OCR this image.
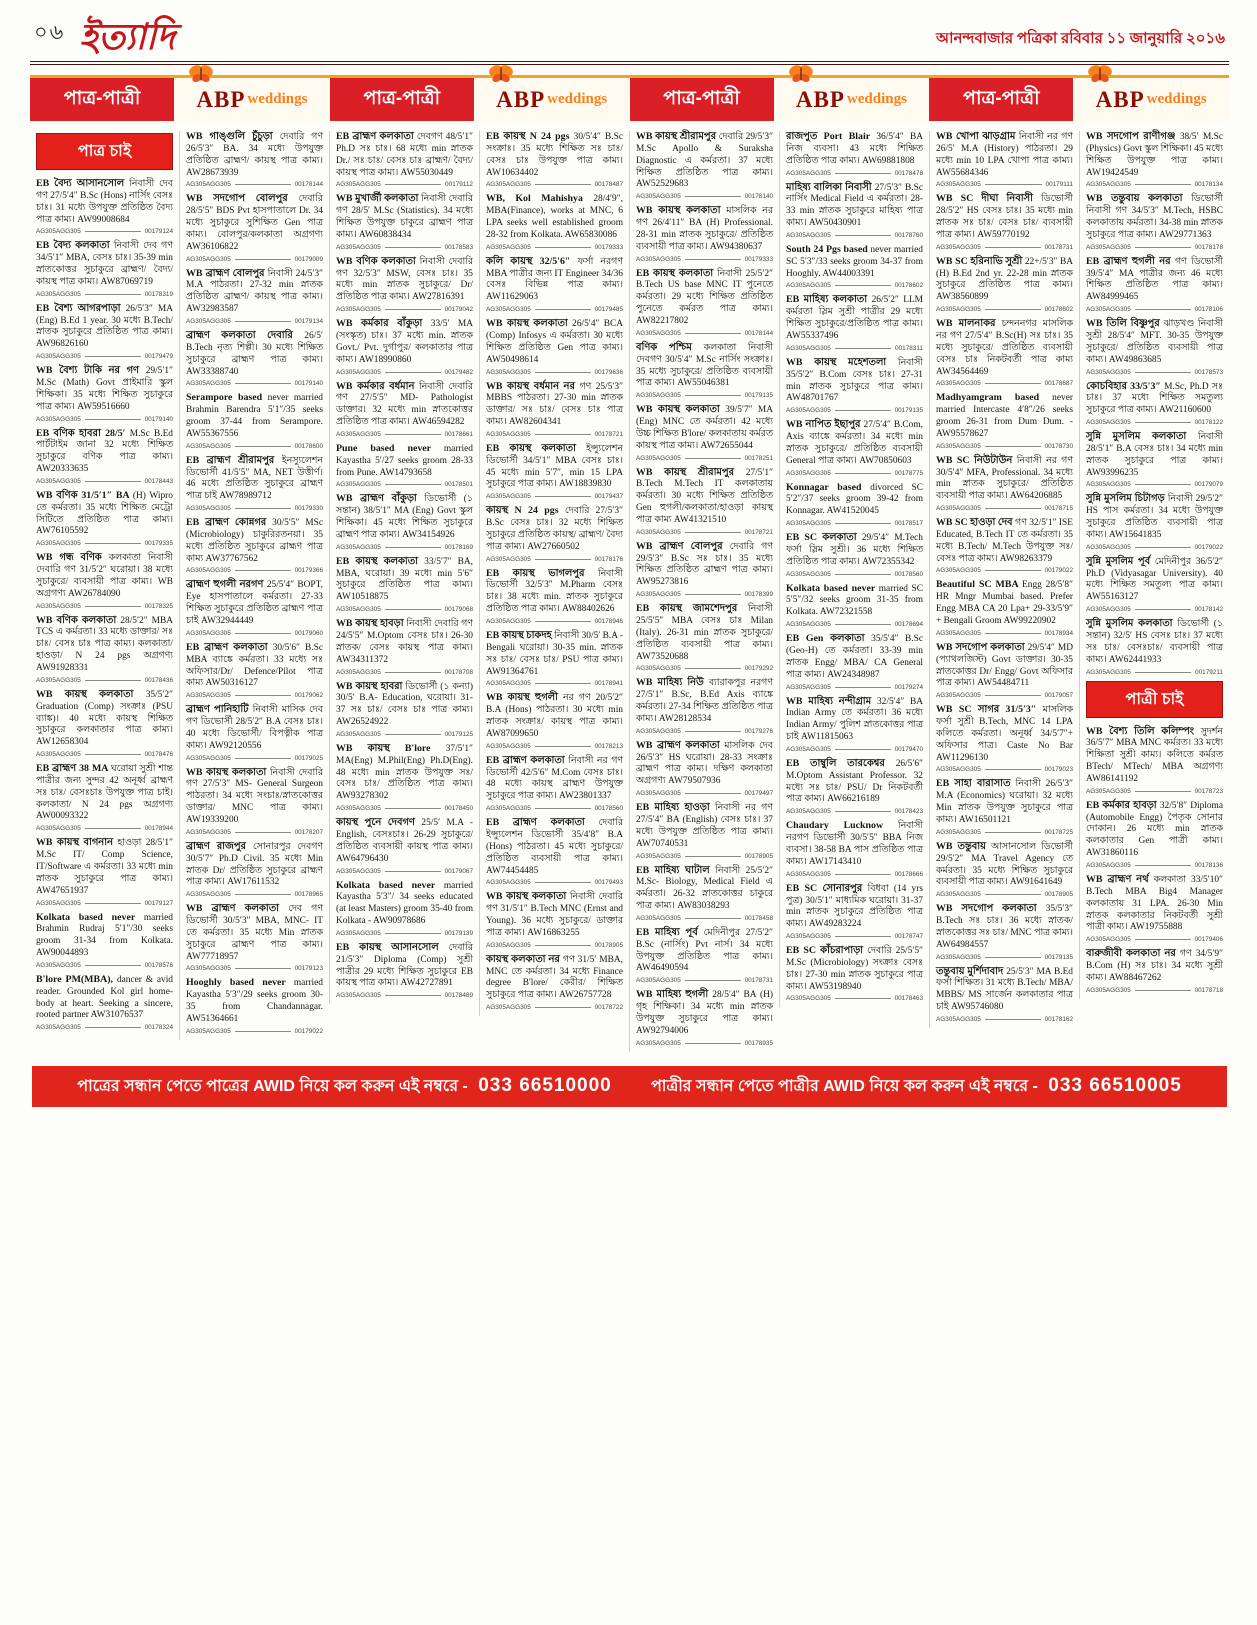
০৬ ইত্যাদি	আনন্দবাজার পত্রিকা রবিবার ১১ জানুয়ারি ২০১৬
পাত্র-পাত্রী	ABP weddings	পাত্র-পাত্রী	ABP weddings	পাত্র-পাত্রী	ABP weddings	পাত্র-পাত্রী	ABP weddings
পাত্র চাই

EB বৈদ্য আসানসোল নিবাসী দেব গণ 27/5′4″ B.Sc (Hons) নার্সিং বেসঃ চাঃ। 31 মধ্যে উপযুক্ত প্রতিষ্ঠিত বৈদ্য পাত্র কাম্য। AW99008684

AG305AGG305	00179124

EB বৈদ্য কলকাতা নিবাসী দেব গণ 34/5′1″ MBA, বেসঃ চাঃ। 35-39 min স্নাতকোত্তর সুচাকুরে ব্রাহ্মণ/ বৈদ্য/ কায়স্থ পাত্র কাম্য। AW87069719

AG305AGG305	00178319

EB বৈশ্য আগরপাড়া 26/5′3″ MA (Eng) B.Ed 1 year. 30 মধ্যে B.Tech/ স্নাতক সুচাকুরে প্রতিষ্ঠিত পাত্র কাম্য। AW96826160

AG305AGG305	00179479

WB বৈশ্য টাকি নর গণ 29/5′1″ M.Sc (Math) Govt প্রাইমারি স্কুল শিক্ষিকা। 35 মধ্যে শিক্ষিত সুচাকুরে পাত্র কাম্য। AW59516660

AG305AGG305	00179140

EB বণিক হাবরা 28/5′ M.Sc B.Ed পার্টটাইম জানা 32 মধ্যে শিক্ষিত সুচাকুরে বণিক পাত্র কাম্য। AW20333635

AG305AGG305	00178443

WB বণিক 31/5′1″ BA (H) Wipro তে কর্মরতা। 35 মধ্যে শিক্ষিত মেট্রো সিটিতে প্রতিষ্ঠিত পাত্র কাম্য। AW76105592

AG305AGG305	00179335

WB গন্ধ বণিক কলকাতা নিবাসী দেবারি গণ 31/5′2″ ঘরোয়া। 38 মধ্যে সুচাকুরে/ ব্যবসায়ী পাত্র কাম্য। WB অগ্রগণ্য AW26784090

AG305AGG305	00178325

WB বণিক কলকাতা 28/5′2″ MBA TCS এ কর্মরতা। 33 মধ্যে ডাক্তার/ সঃ চাঃ/ বেসঃ চাঃ পাত্র কাম্য। কলকাতা/ হাওড়া/ N 24 pgs অগ্রগণ্য AW91928331

AG305AGG305	00178436

WB কায়স্থ কলকাতা 35/5′2″ Graduation (Comp) সংক্রাঃ (PSU ব্যাঙ্ক)। 40 মধ্যে কায়স্থ শিক্ষিত সুচাকুরে কলকাতার পাত্র কাম্য। AW12658304

AG305AGG305	00178476

EB ব্রাহ্মণ 38 MA ঘরোয়া সুশ্রী শান্ত পাত্রীর জন্য সুন্দর 42 অনূর্ধ্ব ব্রাহ্মণ সঃ চাঃ/ বেসঃচাঃ উপযুক্ত পাত্র চাই। কলকাতা/ N 24 pgs অগ্রগণ্য AW00093322

AG305AGG305	00178944

WB কায়স্থ বাগনান হাওড়া 28/5′1″ M.Sc IT/ Comp Science, IT/Software এ কর্মরতা। 33 মধ্যে min স্নাতক সুচাকুরে পাত্র কাম্য। AW47651937

AG305AGG305	00179127

Kolkata based never married Brahmin Rudraj 5′1″/30 seeks groom 31-34 from Kolkata. AW90044893

AG305AGG305	00178576

B'lore PM(MBA), dancer & avid reader. Grounded Kol girl home-body at heart. Seeking a sincere, rooted partner AW31076537

AG305AGG305	00178324

WB গাঙ্গুলি চুঁচুড়া দেবারি গণ 26/5′3″ BA. 34 মধ্যে উপযুক্ত প্রতিষ্ঠিত ব্রাহ্মণ/ কায়স্থ পাত্র কাম্য। AW28673939

AG305AGG305	00178144

WB সদগোপ বোলপুর দেবারি 28/5′5″ BDS Pvt হাসপাতালে Dr. 34 মধ্যে সুচাকুরে সুশিক্ষিত Gen পাত্র কাম্য। বোলপুর/কলকাতা অগ্রগণ্য AW36106822

AG305AGG305	00179009

WB ব্রাহ্মণ বোলপুর নিবাসী 24/5′3″ M.A পাঠরতা। 27-32 min স্নাতক প্রতিষ্ঠিত ব্রাহ্মণ/ কায়স্থ পাত্র কাম্য। AW32983587

AG305AGG305	00179134

ব্রাহ্মণ কলকাতা দেবারি 26/5′ B.Tech নৃত্য শিল্পী। 30 মধ্যে শিক্ষিত সুচাকুরে ব্রাহ্মণ পাত্র কাম্য। AW33388740

AG305AGG305	00179140

Serampore based never married Brahmin Barendra 5′1″/35 seeks groom 37-44 from Serampore. AW55367556

AG305AGG305	00178600

EB ব্রাহ্মণ শ্রীরামপুর ইনস্যুলেশন ডিভোর্সী 41/5′5″ MA, NET উত্তীর্ণ। 46 মধ্যে প্রতিষ্ঠিত সুচাকুরে ব্রাহ্মণ পাত্র চাই AW78989712

AG305AGG305	00179330

EB ব্রাহ্মণ কোন্নগর 30/5′5″ MSc (Microbiology) চাকুরিরতনয়া। 35 মধ্যে প্রতিষ্ঠিত সুচাকুরে ব্রাহ্মণ পাত্র কাম্য AW37767562

AG305AGG305	00179366

ব্রাহ্মণ হুগলী নরগণ 25/5′4″ BOPT, Eye হাসপাতালে কর্মরতা। 27-33 শিক্ষিত সুচাকুরে প্রতিষ্ঠিত ব্রাহ্মণ পাত্র চাই AW32944449

AG305AGG305	00179060

EB ব্রাহ্মণ কলকাতা 30/5′6″ B.Sc MBA ব্যাঙ্কে কর্মরতা। 33 মধ্যে সঃ অফিসার/Dr/ Defence/Pilot পাত্র কাম্য AW50316127

AG305AGG305	00179062

ব্রাহ্মণ পানিহাটি নিবাসী মাসিক দেব গণ ডিভোর্সী 28/5′2″ B.A বেসঃ চাঃ। 40 মধ্যে ডিভোর্সী/ বিপত্নীক পাত্র কাম্য। AW92120556

AG305AGG305	00179025

WB কায়স্থ কলকাতা নিবাসী দেবারি গণ 27/5′3″ MS- General Surgeon পাঠরতা। 34 মধ্যে সংচাঃ/স্নাতকোত্তর ডাক্তার/ MNC পাত্র কাম্য। AW19339200

AG305AGG305	00178207

ব্রাহ্মণ রাজপুর সোনারপুর দেবগণ 30/5′7″ Ph.D Civil. 35 মধ্যে Min স্নাতক Dr/ প্রতিষ্ঠিত সুচাকুরে ব্রাহ্মণ পাত্র কাম্য। AW17611532

AG305AGG305	00178965

WB ব্রাহ্মণ কলকাতা দেব গণ ডিভোর্সী 30/5′3″ MBA, MNC- IT তে কর্মরতা। 35 মধ্যে Min স্নাতক সুচাকুরে ব্রাহ্মণ পাত্র কাম্য। AW77718957

AG305AGG305	00179123

Hooghly based never married Kayastha 5′3″/29 seeks groom 30-35 from Chandannagar. AW51364661

AG305AGG305	00179022

EB ব্রাহ্মণ কলকাতা দেবগণ 48/5′1″ Ph.D সঃ চাঃ। 68 মধ্যে min স্নাতক Dr./ সঃ চাঃ/ বেসঃ চাঃ ব্রাহ্মণ/ বৈদ্য/ কায়স্থ পাত্র কাম্য। AW55030449

AG305AGG305	00179112

WB মুখার্জী কলকাতা নিবাসী দেবারি গণ 28/5′ M.Sc (Statistics). 34 মধ্যে শিক্ষিত উপযুক্ত চাকুরে ব্রাহ্মণ পাত্র কাম্য। AW60838434

AG305AGG305	00178583

WB বণিক কলকাতা নিবাসী দেবারি গণ 32/5′3″ MSW, বেসঃ চাঃ। 35 মধ্যে min স্নাতক সুচাকুরে/ Dr/ প্রতিষ্ঠিত পাত্র কাম্য। AW27816391

AG305AGG305	00179042

WB কর্মকার বাঁকুড়া 33/5′ MA (সংস্কৃত) চাঃ। 37 মধ্যে min. স্নাতক Govt./ Pvt. দুর্গাপুর/ কলকাতার পাত্র কাম্য। AW18990860

AG305AGG305	00179482

WB কর্মকার বর্ধমান নিবাসী দেবারি গণ 27/5′5″ MD- Pathologist ডাক্তার। 32 মধ্যে min স্নাতকোত্তর প্রতিষ্ঠিত পাত্র কাম্য। AW46594282

AG305AGG305	00178661

Pune based never married Kayastha 5′/27 seeks groom 28-33 from Pune. AW14793658

AG305AGG305	00178501

WB ব্রাহ্মণ বাঁকুড়া ডিভোর্সী (১ সন্তান) 38/5′1″ MA (Eng) Govt স্কুল শিক্ষিকা। 45 মধ্যে শিক্ষিত সুচাকুরে ব্রাহ্মণ পাত্র কাম্য। AW34154926

AG305AGG305	00178169

EB কায়স্থ কলকাতা 33/5′7″ BA, MBA, ঘরোয়া। 39 মধ্যে min 5′6″ সুচাকুরে প্রতিষ্ঠিত পাত্র কাম্য। AW10518875

AG305AGG305	00179068

WB কায়স্থ হাবড়া নিবাসী দেবারি গণ 24/5′5″ M.Optom বেসঃ চাঃ। 26-30 স্নাতক/ বেসঃ কায়স্থ পাত্র কাম্য। AW34311372

AG305AGG305	00178708

WB কায়স্থ হাবরা ডিভোর্সী (১ কন্যা) 30/5′ B.A- Education, ঘরোয়া। 31-37 সঃ চাঃ/ বেসঃ চাঃ পাত্র কাম্য। AW26524922

AG305AGG305	00179125

WB কায়স্থ B'lore 37/5′1″ MA(Eng) M.Phil(Eng) Ph.D(Eng). 48 মধ্যে min স্নাতক উপযুক্ত সঃ/ বেসঃ চাঃ/ প্রতিষ্ঠিত পাত্র কাম্য। AW93278302

AG305AGG305	00178450

কায়স্থ পুনে দেবগণ 25/5′ M.A - English, বেসঃচাঃ। 26-29 সুচাকুরে/ প্রতিষ্ঠিত ব্যবসায়ী কায়স্থ পাত্র কাম্য। AW64796430

AG305AGG305	00179067

Kolkata based never married Kayastha 5′3″/ 34 seeks educated (at least Masters) groom 35-40 from Kolkata - AW90978686

AG305AGG305	00179139

EB কায়স্থ আসানসোল দেবারি 21/5′3″ Diploma (Comp) সুশ্রী পাত্রীর 29 মধ্যে শিক্ষিত সুচাকুরে EB কায়স্থ পাত্র কাম্য। AW42727891

AG305AGG305	00178489

EB কায়স্থ N 24 pgs 30/5′4″ B.Sc সংক্রাঃ। 35 মধ্যে শিক্ষিত সঃ চাঃ/ বেসঃ চাঃ উপযুক্ত পাত্র কাম্য। AW10634402

AG305AGG305	00178487

WB, Kol Mahishya 28/4′9″, MBA(Finance), works at MNC, 6 LPA seeks well established groom 28-32 from Kolkata. AW65830086

AG305AGG305	00179333

কলি কায়স্থ 32/5′6″ ফর্সা নরগণ MBA পাত্রীর জন্য IT Engineer 34/36 বেসঃ বিভিন্ন পাত্র কাম্য। AW11629063

AG305AGG305	00179485

WB কায়স্থ কলকাতা 26/5′4″ BCA (Comp) Infosys এ কর্মরতা। 30 মধ্যে শিক্ষিত প্রতিষ্ঠিত Gen পাত্র কাম্য। AW50498614

AG305AGG305	00179636

WB কায়স্থ বর্ধমান নর গণ 25/5′3″ MBBS পাঠরতা। 27-30 min স্নাতক ডাক্তার/ সঃ চাঃ/ বেসঃ চাঃ পাত্র কাম্য। AW82604341

AG305AGG305	00178721

EB কায়স্থ কলকাতা ইন্স্যুলেশন ডিভোর্সী 34/5′1″ MBA বেসঃ চাঃ। 45 মধ্যে min 5′7″, min 15 LPA সুচাকুরে পাত্র কাম্য। AW18839830

AG305AGG305	00179437

কায়স্থ N 24 pgs দেবারি 27/5′3″ B.Sc বেসঃ চাঃ। 32 মধ্যে শিক্ষিত সুচাকুরে প্রতিষ্ঠিত কায়স্থ/ ব্রাহ্মণ/ বৈদ্য পাত্র কাম্য। AW27660502

AG305AGG305	00178176

EB কায়স্থ ভাগলপুর নিবাসী ডিভোর্সী 32/5′3″ M.Pharm বেসঃ চাঃ। 38 মধ্যে min. স্নাতক সুচাকুরে প্রতিষ্ঠিত পাত্র কাম্য। AW88402626

AG305AGG305	00178946

EB কায়স্থ চাকদহ নিবাসী 30/5′ B.A - Bengali ঘরোয়া। 30-35 min. স্নাতক সঃ চাঃ/ বেসঃ চাঃ/ PSU পাত্র কাম্য। AW91364761

AG305AGG305	00178941

WB কায়স্থ হুগলী নর গণ 20/5′2″ B.A (Hons) পাঠরতা। 30 মধ্যে min স্নাতক সংক্রাঃ/ কায়স্থ পাত্র কাম্য। AW87099650

AG305AGG305	00178213

EB ব্রাহ্মণ কলকাতা নিবাসী নর গণ ডিভোর্সী 42/5′6″ M.Com বেসঃ চাঃ। 48 মধ্যে কায়স্থ ব্রাহ্মণ উপযুক্ত সুচাকুরে পাত্র কাম্য। AW23801337

AG305AGG305	00178560

EB ব্রাহ্মণ কলকাতা দেবারি ইন্স্যুলেশন ডিভোর্সী 35/4′8″ B.A (Hons) পাঠরতা। 45 মধ্যে সুচাকুরে/ প্রতিষ্ঠিত ব্যবসায়ী পাত্র কাম্য। AW74454485

AG305AGG305	00179493

WB কায়স্থ কলকাতা নিবাসী দেবারি গণ 31/5′1″ B.Tech MNC (Ernst and Young). 36 মধ্যে সুচাকুরে/ ডাক্তার পাত্র কাম্য। AW16863255

AG305AGG305	00178905

কায়স্থ কলকাতা নর গণ 31/5′ MBA, MNC তে কর্মরতা। 34 মধ্যে Finance degree B'lore/ কেরীর/ শিক্ষিত সুচাকুরে পাত্র কাম্য। AW26757728

AG305AGG305	00178722

WB কায়স্থ শ্রীরামপুর দেবারি 29/5′3″ M.Sc Apollo & Suraksha Diagnostic এ কর্মরতা। 37 মধ্যে শিক্ষিত প্রতিষ্ঠিত পাত্র কাম্য। AW52529683

AG305AGG305	00178140

WB কায়স্থ কলকাতা মাসলিক নর গণ 26/4′11″ BA (H) Professional. 28-31 min স্নাতক সুচাকুরে/ প্রতিষ্ঠিত ব্যবসায়ী পাত্র কাম্য। AW94380637

AG305AGG305	00179333

EB কায়স্থ কলকাতা নিবাসী 25/5′2″ B.Tech US base MNC IT পুনেতে কর্মরতা। 29 মধ্যে শিক্ষিত প্রতিষ্ঠিত পুনেতে কর্মরত পাত্র কাম্য। AW82217802

AG305AGG305	00178144

বণিক পশ্চিম কলকাতা নিবাসী দেবগণ 30/5′4″ M.Sc নার্সিং সংক্রাঃ। 35 মধ্যে সুচাকুরে/ প্রতিষ্ঠিত ব্যবসায়ী পাত্র কাম্য। AW55046381

AG305AGG305	00179135

WB কায়স্থ কলকাতা 39/5′7″ MA (Eng) MNC তে কর্মরতা। 42 মধ্যে উচ্চ শিক্ষিত B'lore/ কলকাতায় কর্মরত কায়স্থ পাত্র কাম্য। AW72655044

AG305AGG305	00178251

WB কায়স্থ শ্রীরামপুর 27/5′1″ B.Tech M.Tech IT কলকাতায় কর্মরতা। 30 মধ্যে শিক্ষিত প্রতিষ্ঠিত Gen হুগলী/কলকাতা/হাওড়া কায়স্থ পাত্র কাম্য AW41321510

AG305AGG305	00178721

WB ব্রাহ্মণ বোলপুর দেবারি গণ 29/5′3″ B.Sc সঃ চাঃ। 35 মধ্যে শিক্ষিত প্রতিষ্ঠিত ব্রাহ্মণ পাত্র কাম্য। AW95273816

AG305AGG305	00178399

EB কায়স্থ জামশেদপুর নিবাসী 25/5′5″ MBA বেসঃ চাঃ Milan (Italy). 26-31 min স্নাতক সুচাকুরে/ প্রতিষ্ঠিত ব্যবসায়ী পাত্র কাম্য। AW73520688

AG305AGG305	00179292

WB মাহিষ্য নিউ ব্যারাকপুর নরগণ 27/5′1″ B.Sc, B.Ed Axis ব্যাঙ্কে কর্মরতা। 27-34 শিক্ষিত প্রতিষ্ঠিত পাত্র কাম্য। AW28128534

AG305AGG305	00179276

WB ব্রাহ্মণ কলকাতা মাসলিক দেব 26/5′3″ HS ঘরোয়া। 28-33 সংক্রাঃ ব্রাহ্মণ পাত্র কাম্য। দক্ষিণ কলকাতা অগ্রগণ্য AW79507936

AG305AGG305	00179497

EB মাহিষ্য হাওড়া নিবাসী নর গণ 27/5′4″ BA (English) বেসঃ চাঃ। 37 মধ্যে উপযুক্ত প্রতিষ্ঠিত পাত্র কাম্য। AW70740531

AG305AGG305	00178905

EB মাহিষ্য ঘাটাল নিবাসী 25/5′2″ M.Sc- Biology, Medical Field এ কর্মরতা। 26-32 স্নাতকোত্তর চাকুরে পাত্র কাম্য। AW83038293

AG305AGG305	00178458

EB মাহিষ্য পূর্ব মেদিনীপুর 27/5′2″ B.Sc (নার্সিং) Pvt নার্স। 34 মধ্যে উপযুক্ত প্রতিষ্ঠিত পাত্র কাম্য। AW46490594

AG305AGG305	00178731

WB মাহিষ্য হুগলী 28/5′4″ BA (H) গৃহ শিক্ষিকা। 34 মধ্যে min স্নাতক উপযুক্ত সুচাকুরে পাত্র কাম্য। AW92794006

AG305AGG305	00178935

রাজপুত Port Blair 36/5′4″ BA নিজ ব্যবসা। 43 মধ্যে শিক্ষিত প্রতিষ্ঠিত পাত্র কাম্য। AW69881808

AG305AGG305	00178478

মাহিষ্য বালিকা নিবাসী 27/5′3″ B.Sc নার্সিং Medical Field এ কর্মরতা। 28-33 min স্নাতক সুচাকুরে মাহিষ্য পাত্র কাম্য। AW50430901

AG305AGG305	00178760

South 24 Pgs based never married SC 5′3″/33 seeks groom 34-37 from Hooghly. AW44003391

AG305AGG305	00178602

EB মাহিষ্য কলকাতা 26/5′2″ LLM কর্মরতা স্লিম সুশ্রী পাত্রীর 29 মধ্যে শিক্ষিত সুচাকুরে/প্রতিষ্ঠিত পাত্র কাম্য। AW55337496

AG305AGG305	00178311

WB কায়স্থ মহেশতলা নিবাসী 35/5′2″ B.Com বেসঃ চাঃ। 27-31 min স্নাতক সুচাকুরে পাত্র কাম্য। AW48701767

AG305AGG305	00179135

WB নাপিত ইছাপুর 27/5′4″ B.Com, Axis ব্যাঙ্কে কর্মরতা। 34 মধ্যে min স্নাতক সুচাকুরে/ প্রতিষ্ঠিত ব্যবসায়ী General পাত্র কাম্য। AW70850603

AG305AGG305	00178775

Konnagar based divorced SC 5′2″/37 seeks groom 39-42 from Konnagar. AW41520045

AG305AGG305	00178517

EB SC কলকাতা 29/5′4″ M.Tech ফর্সা স্লিম সুশ্রী। 36 মধ্যে শিক্ষিত প্রতিষ্ঠিত পাত্র কাম্য। AW72355342

AG305AGG305	00178560

Kolkata based never married SC 5′5″/32 seeks groom 31-35 from Kolkata. AW72321558

AG305AGG305	00178694

EB Gen কলকাতা 35/5′4″ B.Sc (Geo-H) তে কর্মরতা। 33-39 min স্নাতক Engg/ MBA/ CA General পাত্র কাম্য। AW24348987

AG305AGG305	00179274

WB মাহিষ্য নন্দীগ্রাম 32/5′4″ BA Indian Army তে কর্মরতা। 36 মধ্যে Indian Army/ পুলিশ স্নাতকোত্তর পাত্র চাই AW11815063

AG305AGG305	00179470

EB তাম্বুলি তারকেশ্বর 26/5′6″ M.Optom Assistant Professor. 32 মধ্যে সঃ চাঃ/ PSU/ Dr নিকটবর্তী পাত্র কাম্য। AW66216189

AG305AGG305	00178423

Chaudary Lucknow নিবাসী নরগণ ডিভোর্সী 30/5′5″ BBA নিজ ব্যবসা। 38-58 BA পাস প্রতিষ্ঠিত পাত্র কাম্য। AW17143410

AG305AGG305	00178666

EB SC সোনারপুর বিধবা (14 yrs পুত্র) 30/5′1″ মাধ্যমিক ঘরোয়া। 31-37 min স্নাতক সুচাকুরে প্রতিষ্ঠিত পাত্র কাম্য। AW49283224

AG305AGG305	00178747

EB SC কাঁচরাপাড়া দেবারি 25/5′5″ M.Sc (Microbiology) সংক্রাঃ বেসঃ চাঃ। 27-30 min স্নাতক সুচাকুরে পাত্র কাম্য। AW53198940

AG305AGG305	00178463

WB খোপা ঝাড়গ্রাম নিবাসী নর গণ 26/5′ M.A (History) পাঠরতা। 29 মধ্যে min 10 LPA খোপা পাত্র কাম্য। AW55684346

AG305AGG305	00179111

WB SC দীঘা নিবাসী ডিভোর্সী 28/5′2″ HS বেসঃ চাঃ। 35 মধ্যে min স্নাতক সঃ চাঃ/ বেসঃ চাঃ/ ব্যবসায়ী পাত্র কাম্য। AW59770192

AG305AGG305	00178731

WB SC হরিনাভি সুশ্রী 22+/5′3″ BA (H) B.Ed 2nd yr. 22-28 min স্নাতক সুচাকুরে প্রতিষ্ঠিত পাত্র কাম্য। AW38560899

AG305AGG305	00178602

WB মালনাকর চন্দননগর মাসলিক নর গণ 27/5′4″ B.Sc(H) সঃ চাঃ। 35 মধ্যে সুচাকুরে/ প্রতিষ্ঠিত ব্যবসায়ী বেসঃ চাঃ নিকটবর্তী পাত্র কাম্য AW34564469

AG305AGG305	00178687

Madhyamgram based never married Intercaste 4′8″/26 seeks groom 26-31 from Dum Dum. - AW95578627

AG305AGG305	00178730

WB SC নিউটাউন নিবাসী নর গণ 30/5′4″ MFA, Professional. 34 মধ্যে min স্নাতক সুচাকুরে/ প্রতিষ্ঠিত ব্যবসায়ী পাত্র কাম্য। AW64206885

AG305AGG305	00178715

WB SC হাওড়া দেব গণ 32/5′1″ ISE Educated, B.Tech IT তে কর্মরতা। 35 মধ্যে B.Tech/ M.Tech উপযুক্ত সঃ/বেসঃ পাত্র কাম্য। AW98263379

AG305AGG305	00179022

Beautiful SC MBA Engg 28/5′8″ HR Mngr Mumbai based. Prefer Engg MBA CA 20 Lpa+ 29-33/5′9″+ Bengali Groom AW99220902

AG305AGG305	00178934

WB সদগোপ কলকাতা 29/5′4″ MD (প্যাথলজিস্ট) Govt ডাক্তার। 30-35 স্নাতকোত্তর Dr/ Engg/ Govt অফিসার পাত্র কাম্য। AW54484711

AG305AGG305	00179057

WB SC সাগর 31/5′3″ মাসলিক ফর্সা সুশ্রী B.Tech, MNC 14 LPA কলিতে কর্মরতা। অনূর্ধ্ব 34/5′7″+ অফিসার পাত্র। Caste No Bar AW11296130

AG305AGG305	00179023

EB সাহা বারাসাত নিবাসী 26/5′3″ M.A (Economics) ঘরোয়া। 32 মধ্যে Min স্নাতক উপযুক্ত সুচাকুরে পাত্র কাম্য। AW16501121

AG305AGG305	00178725

WB তন্তুবায় আসানসোল ডিভোর্সী 29/5′2″ MA Travel Agency তে কর্মরতা। 35 মধ্যে শিক্ষিত সুচাকুরে ব্যবসায়ী পাত্র কাম্য। AW91641649

AG305AGG305	00178905

WB সদগোপ কলকাতা 35/5′3″ B.Tech সঃ চাঃ। 36 মধ্যে স্নাতক/ স্নাতকোত্তর সঃ চাঃ/ MNC পাত্র কাম্য। AW64984557

AG305AGG305	00179135

তন্তুবায় মুর্শিদাবাদ 25/5′3″ MA B.Ed ফর্সা শিক্ষিত। 31 মধ্যে B.Tech/ MBA/ MBBS/ MS সার্জেন কলকাতার পাত্র চাই AW95746080

AG305AGG305	00178162

WB সদগোপ রাণীগঞ্জ 38/5′ M.Sc (Physics) Govt স্কুল শিক্ষিকা। 45 মধ্যে শিক্ষিত উপযুক্ত পাত্র কাম্য। AW19424549

AG305AGG305	00178134

WB তন্তুবায় কলকাতা ডিভোর্সী নিবাসী গণ 34/5′3″ M.Tech, HSBC কলকাতায় কর্মরতা। 34-38 min স্নাতক সুচাকুরে পাত্র কাম্য। AW29771363

AG305AGG305	00178178

EB ব্রাহ্মণ হুগলী নর গণ ডিভোর্সী 39/5′4″ MA পাত্রীর জন্য 46 মধ্যে শিক্ষিত প্রতিষ্ঠিত পাত্র কাম্য। AW84999465

AG305AGG305	00178106

WB তিলি বিষ্ণুপুর ঝাড়খণ্ড নিবাসী সুশ্রী 28/5′4″ MFT. 30-35 উপযুক্ত সুচাকুরে/ প্রতিষ্ঠিত ব্যবসায়ী পাত্র কাম্য। AW49863685

AG305AGG305	00178573

কোচবিহার 33/5′3″ M.Sc, Ph.D সঃ চাঃ। 37 মধ্যে শিক্ষিত সমতুল্য সুচাকুরে পাত্র কাম্য। AW21160600

AG305AGG305	00178122

সুন্নি মুসলিম কলকাতা নিবাসী 28/5′1″ B.A বেসঃ চাঃ। 34 মধ্যে min স্নাতক সুচাকুরে পাত্র কাম্য। AW93996235

AG305AGG305	00179079

সুন্নি মুসলিম চিটাগড় নিবাসী 29/5′2″ HS পাস কর্মরতা। 34 মধ্যে উপযুক্ত সুচাকুরে প্রতিষ্ঠিত ব্যবসায়ী পাত্র কাম্য। AW15641835

AG305AGG305	00179022

সুন্নি মুসলিম পূর্ব মেদিনীপুর 36/5′2″ Ph.D (Vidyasagar University). 40 মধ্যে শিক্ষিত সমতুল্য পাত্র কাম্য। AW55163127

AG305AGG305	00178142

সুন্নি মুসলিম কলকাতা ডিভোর্সী (১ সন্তান) 32/5′ HS বেসঃ চাঃ। 37 মধ্যে সঃ চাঃ/ বেসঃচাঃ/ ব্যবসায়ী পাত্র কাম্য। AW62441933

AG305AGG305	00179211
পাত্রী চাই

WB বৈশ্য তিলি কলিম্পং সুদর্শন 36/5′7″ MBA MNC কর্মরত। 33 মধ্যে শিক্ষিতা সুশ্রী কাম্য। কলিতে কর্মরত BTech/ MTech/ MBA অগ্রগণ্য AW86141192

AG305AGG305	00178723

EB কর্মকার হাবড়া 32/5′8″ Diploma (Automobile Engg) পৈতৃক সোনার দোকান। 26 মধ্যে min স্নাতক কলকাতার Gen পাত্রী কাম্য। AW31860116

AG305AGG305	00178136

WB ব্রাহ্মণ নর্থ কলকাতা 33/5′10″ B.Tech MBA Big4 Manager কলকাতায় 31 LPA. 26-30 Min স্নাতক কলকাতার নিকটবর্তী সুশ্রী পাত্রী কাম্য। AW19755888

AG305AGG305	00179406

বারুজীবী কলকাতা নর গণ 34/5′9″ B.Com (H) সঃ চাঃ। 34 মধ্যে সুশ্রী কাম্য। AW88467262

AG305AGG305	00178718
পাত্রের সন্ধান পেতে পাত্রের AWID নিয়ে কল করুন এই নম্বরে - 033 66510000 পাত্রীর সন্ধান পেতে পাত্রীর AWID নিয়ে কল করুন এই নম্বরে - 033 66510005
